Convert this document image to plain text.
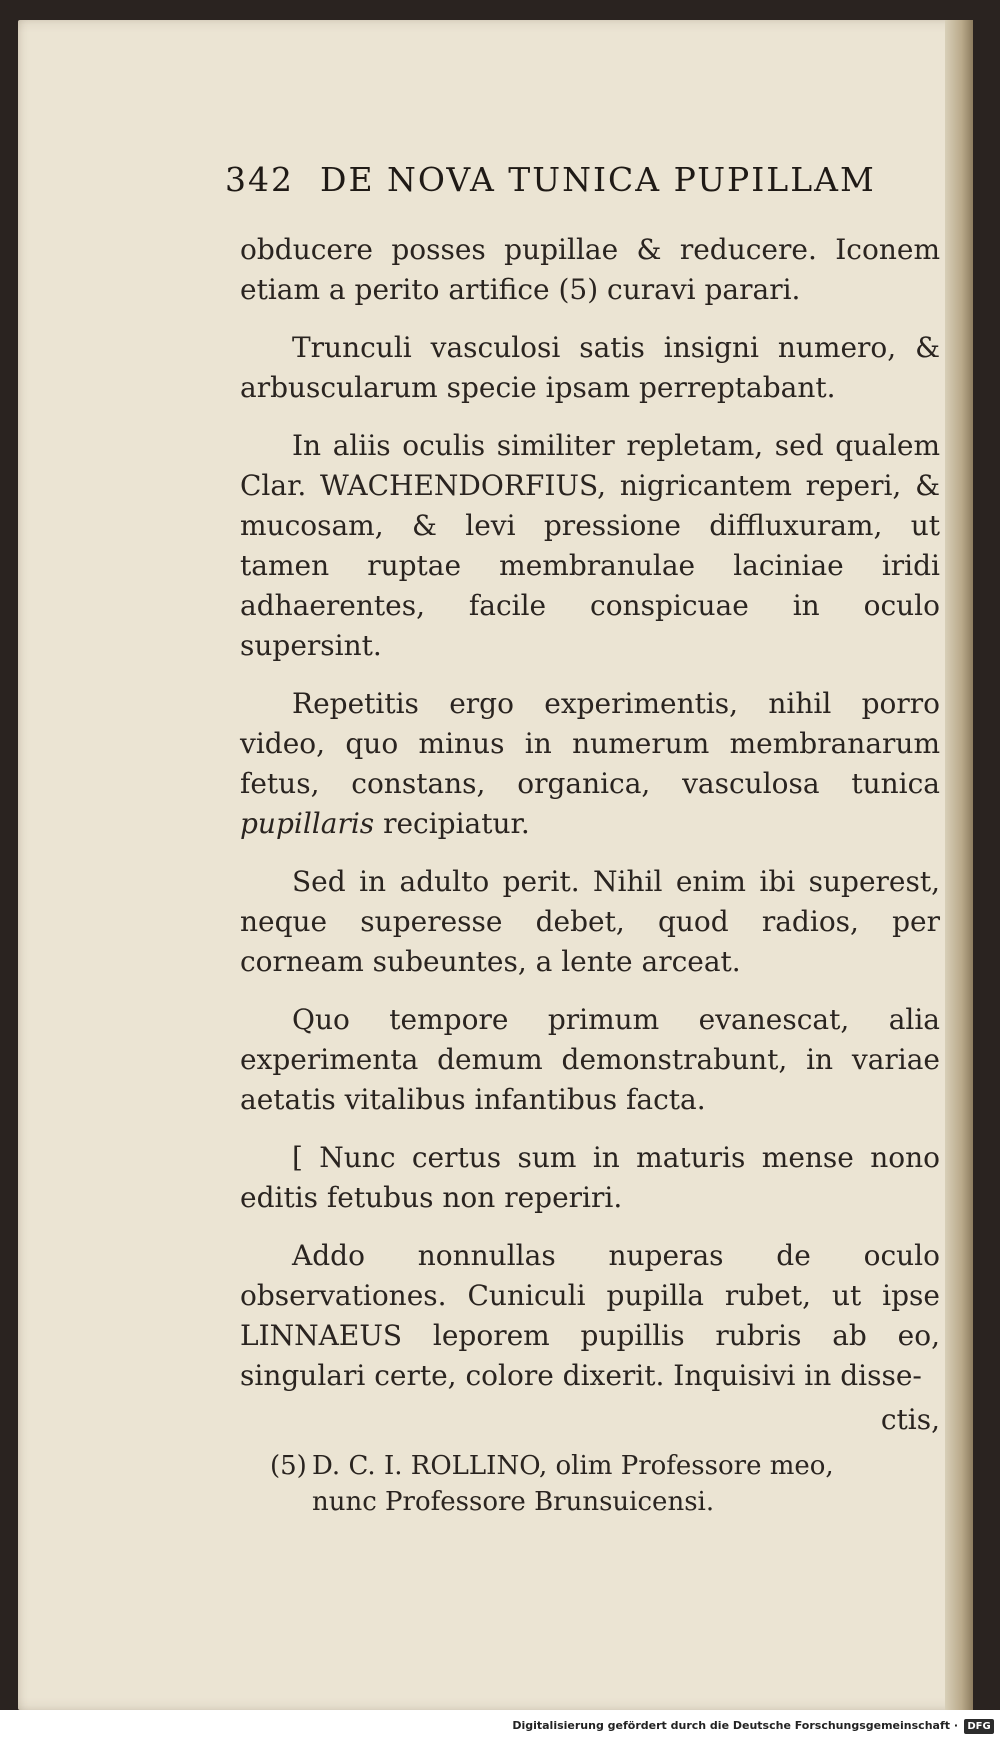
342 DE NOVA TUNICA PUPILLAM

obducere posses pupillae & reducere. Iconem etiam a perito artifice (5) curavi parari.

Trunculi vasculosi satis insigni numero, & arbuscularum specie ipsam perreptabant.

In aliis oculis similiter repletam, sed qualem Clar. WACHENDORFIUS, nigricantem reperi, & mucosam, & levi pressione diffluxuram, ut tamen ruptae membranulae laciniae iridi adhaerentes, facile conspicuae in oculo supersint.

Repetitis ergo experimentis, nihil porro video, quo minus in numerum membranarum fetus, constans, organica, vasculosa tunica pupillaris recipiatur.

Sed in adulto perit. Nihil enim ibi superest, neque superesse debet, quod radios, per corneam subeuntes, a lente arceat.

Quo tempore primum evanescat, alia experimenta demum demonstrabunt, in variae aetatis vitalibus infantibus facta.

[ Nunc certus sum in maturis mense nono editis fetubus non reperiri.

Addo nonnullas nuperas de oculo observationes. Cuniculi pupilla rubet, ut ipse LINNAEUS leporem pupillis rubris ab eo, singulari certe, colore dixerit. Inquisivi in disse-

ctis,
(5) D. C. I. ROLLINO, olim Professore meo,
nunc Professore Brunsuicensi.
Digitalisierung gefördert durch die Deutsche Forschungsgemeinschaft · DFG
